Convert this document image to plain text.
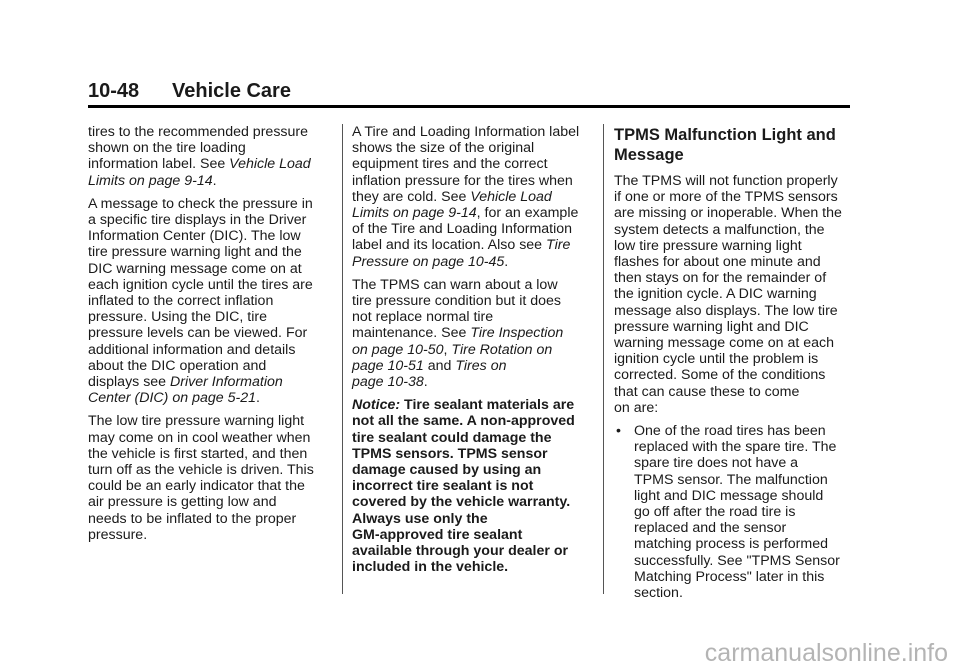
10-48 Vehicle Care
tires to the recommended pressure
shown on the tire loading
information label. See Vehicle Load
Limits on page 9-14.
A message to check the pressure in
a specific tire displays in the Driver
Information Center (DIC). The low
tire pressure warning light and the
DIC warning message come on at
each ignition cycle until the tires are
inflated to the correct inflation
pressure. Using the DIC, tire
pressure levels can be viewed. For
additional information and details
about the DIC operation and
displays see Driver Information
Center (DIC) on page 5-21.
The low tire pressure warning light
may come on in cool weather when
the vehicle is first started, and then
turn off as the vehicle is driven. This
could be an early indicator that the
air pressure is getting low and
needs to be inflated to the proper
pressure.
A Tire and Loading Information label
shows the size of the original
equipment tires and the correct
inflation pressure for the tires when
they are cold. See Vehicle Load
Limits on page 9-14, for an example
of the Tire and Loading Information
label and its location. Also see Tire
Pressure on page 10-45.
The TPMS can warn about a low
tire pressure condition but it does
not replace normal tire
maintenance. See Tire Inspection
on page 10-50, Tire Rotation on
page 10-51 and Tires on
page 10-38.
Notice: Tire sealant materials are
not all the same. A non-approved
tire sealant could damage the
TPMS sensors. TPMS sensor
damage caused by using an
incorrect tire sealant is not
covered by the vehicle warranty.
Always use only the
GM-approved tire sealant
available through your dealer or
included in the vehicle.
TPMS Malfunction Light and
Message
The TPMS will not function properly
if one or more of the TPMS sensors
are missing or inoperable. When the
system detects a malfunction, the
low tire pressure warning light
flashes for about one minute and
then stays on for the remainder of
the ignition cycle. A DIC warning
message also displays. The low tire
pressure warning light and DIC
warning message come on at each
ignition cycle until the problem is
corrected. Some of the conditions
that can cause these to come
on are:
• One of the road tires has been
replaced with the spare tire. The
spare tire does not have a
TPMS sensor. The malfunction
light and DIC message should
go off after the road tire is
replaced and the sensor
matching process is performed
successfully. See "TPMS Sensor
Matching Process" later in this
section.
carmanualsonline.info
